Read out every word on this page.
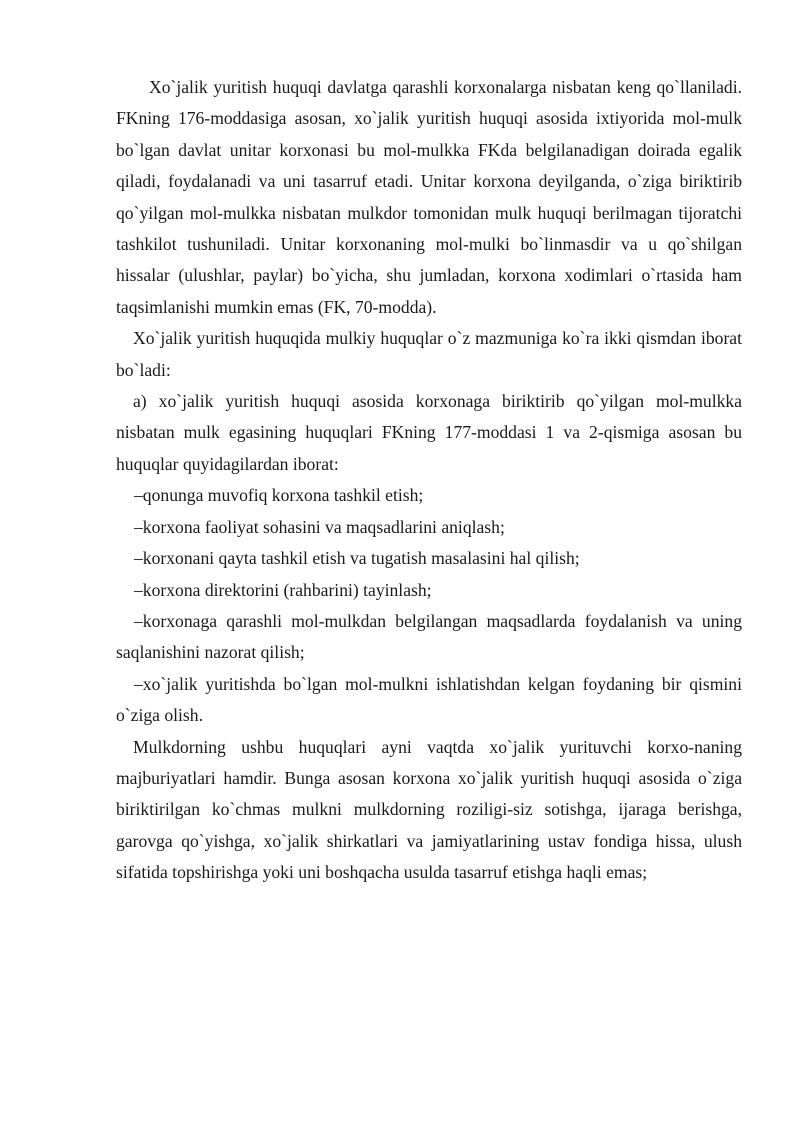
Xo`jalik yuritish huquqi davlatga qarashli korxonalarga nisbatan keng qo`llaniladi. FKning 176-moddasiga asosan, xo`jalik yuritish huquqi asosida ixtiyorida mol-mulk bo`lgan davlat unitar korxonasi bu mol-mulkka FKda belgilanadigan doirada egalik qiladi, foydalanadi va uni tasarruf etadi. Unitar korxona deyilganda, o`ziga biriktirib qo`yilgan mol-mulkka nisbatan mulkdor tomonidan mulk huquqi berilmagan tijoratchi tashkilot tushuniladi. Unitar korxonaning mol-mulki bo`linmasdir va u qo`shilgan hissalar (ulushlar, paylar) bo`yicha, shu jumladan, korxona xodimlari o`rtasida ham taqsimlanishi mumkin emas (FK, 70-modda).

Xo`jalik yuritish huquqida mulkiy huquqlar o`z mazmuniga ko`ra ikki qismdan iborat bo`ladi:

a) xo`jalik yuritish huquqi asosida korxonaga biriktirib qo`yilgan mol-mulkka nisbatan mulk egasining huquqlari FKning 177-moddasi 1 va 2-qismiga asosan bu huquqlar quyidagilardan iborat:

–qonunga muvofiq korxona tashkil etish;

–korxona faoliyat sohasini va maqsadlarini aniqlash;

–korxonani qayta tashkil etish va tugatish masalasini hal qilish;

–korxona direktorini (rahbarini) tayinlash;

–korxonaga qarashli mol-mulkdan belgilangan maqsadlarda foydalanish va uning saqlanishini nazorat qilish;

–xo`jalik yuritishda bo`lgan mol-mulkni ishlatishdan kelgan foydaning bir qismini o`ziga olish.

Mulkdorning ushbu huquqlari ayni vaqtda xo`jalik yurituvchi korxo-naning majburiyatlari hamdir. Bunga asosan korxona xo`jalik yuritish huquqi asosida o`ziga biriktirilgan ko`chmas mulkni mulkdorning roziligi-siz sotishga, ijaraga berishga, garovga qo`yishga, xo`jalik shirkatlari va jamiyatlarining ustav fondiga hissa, ulush sifatida topshirishga yoki uni boshqacha usulda tasarruf etishga haqli emas;
